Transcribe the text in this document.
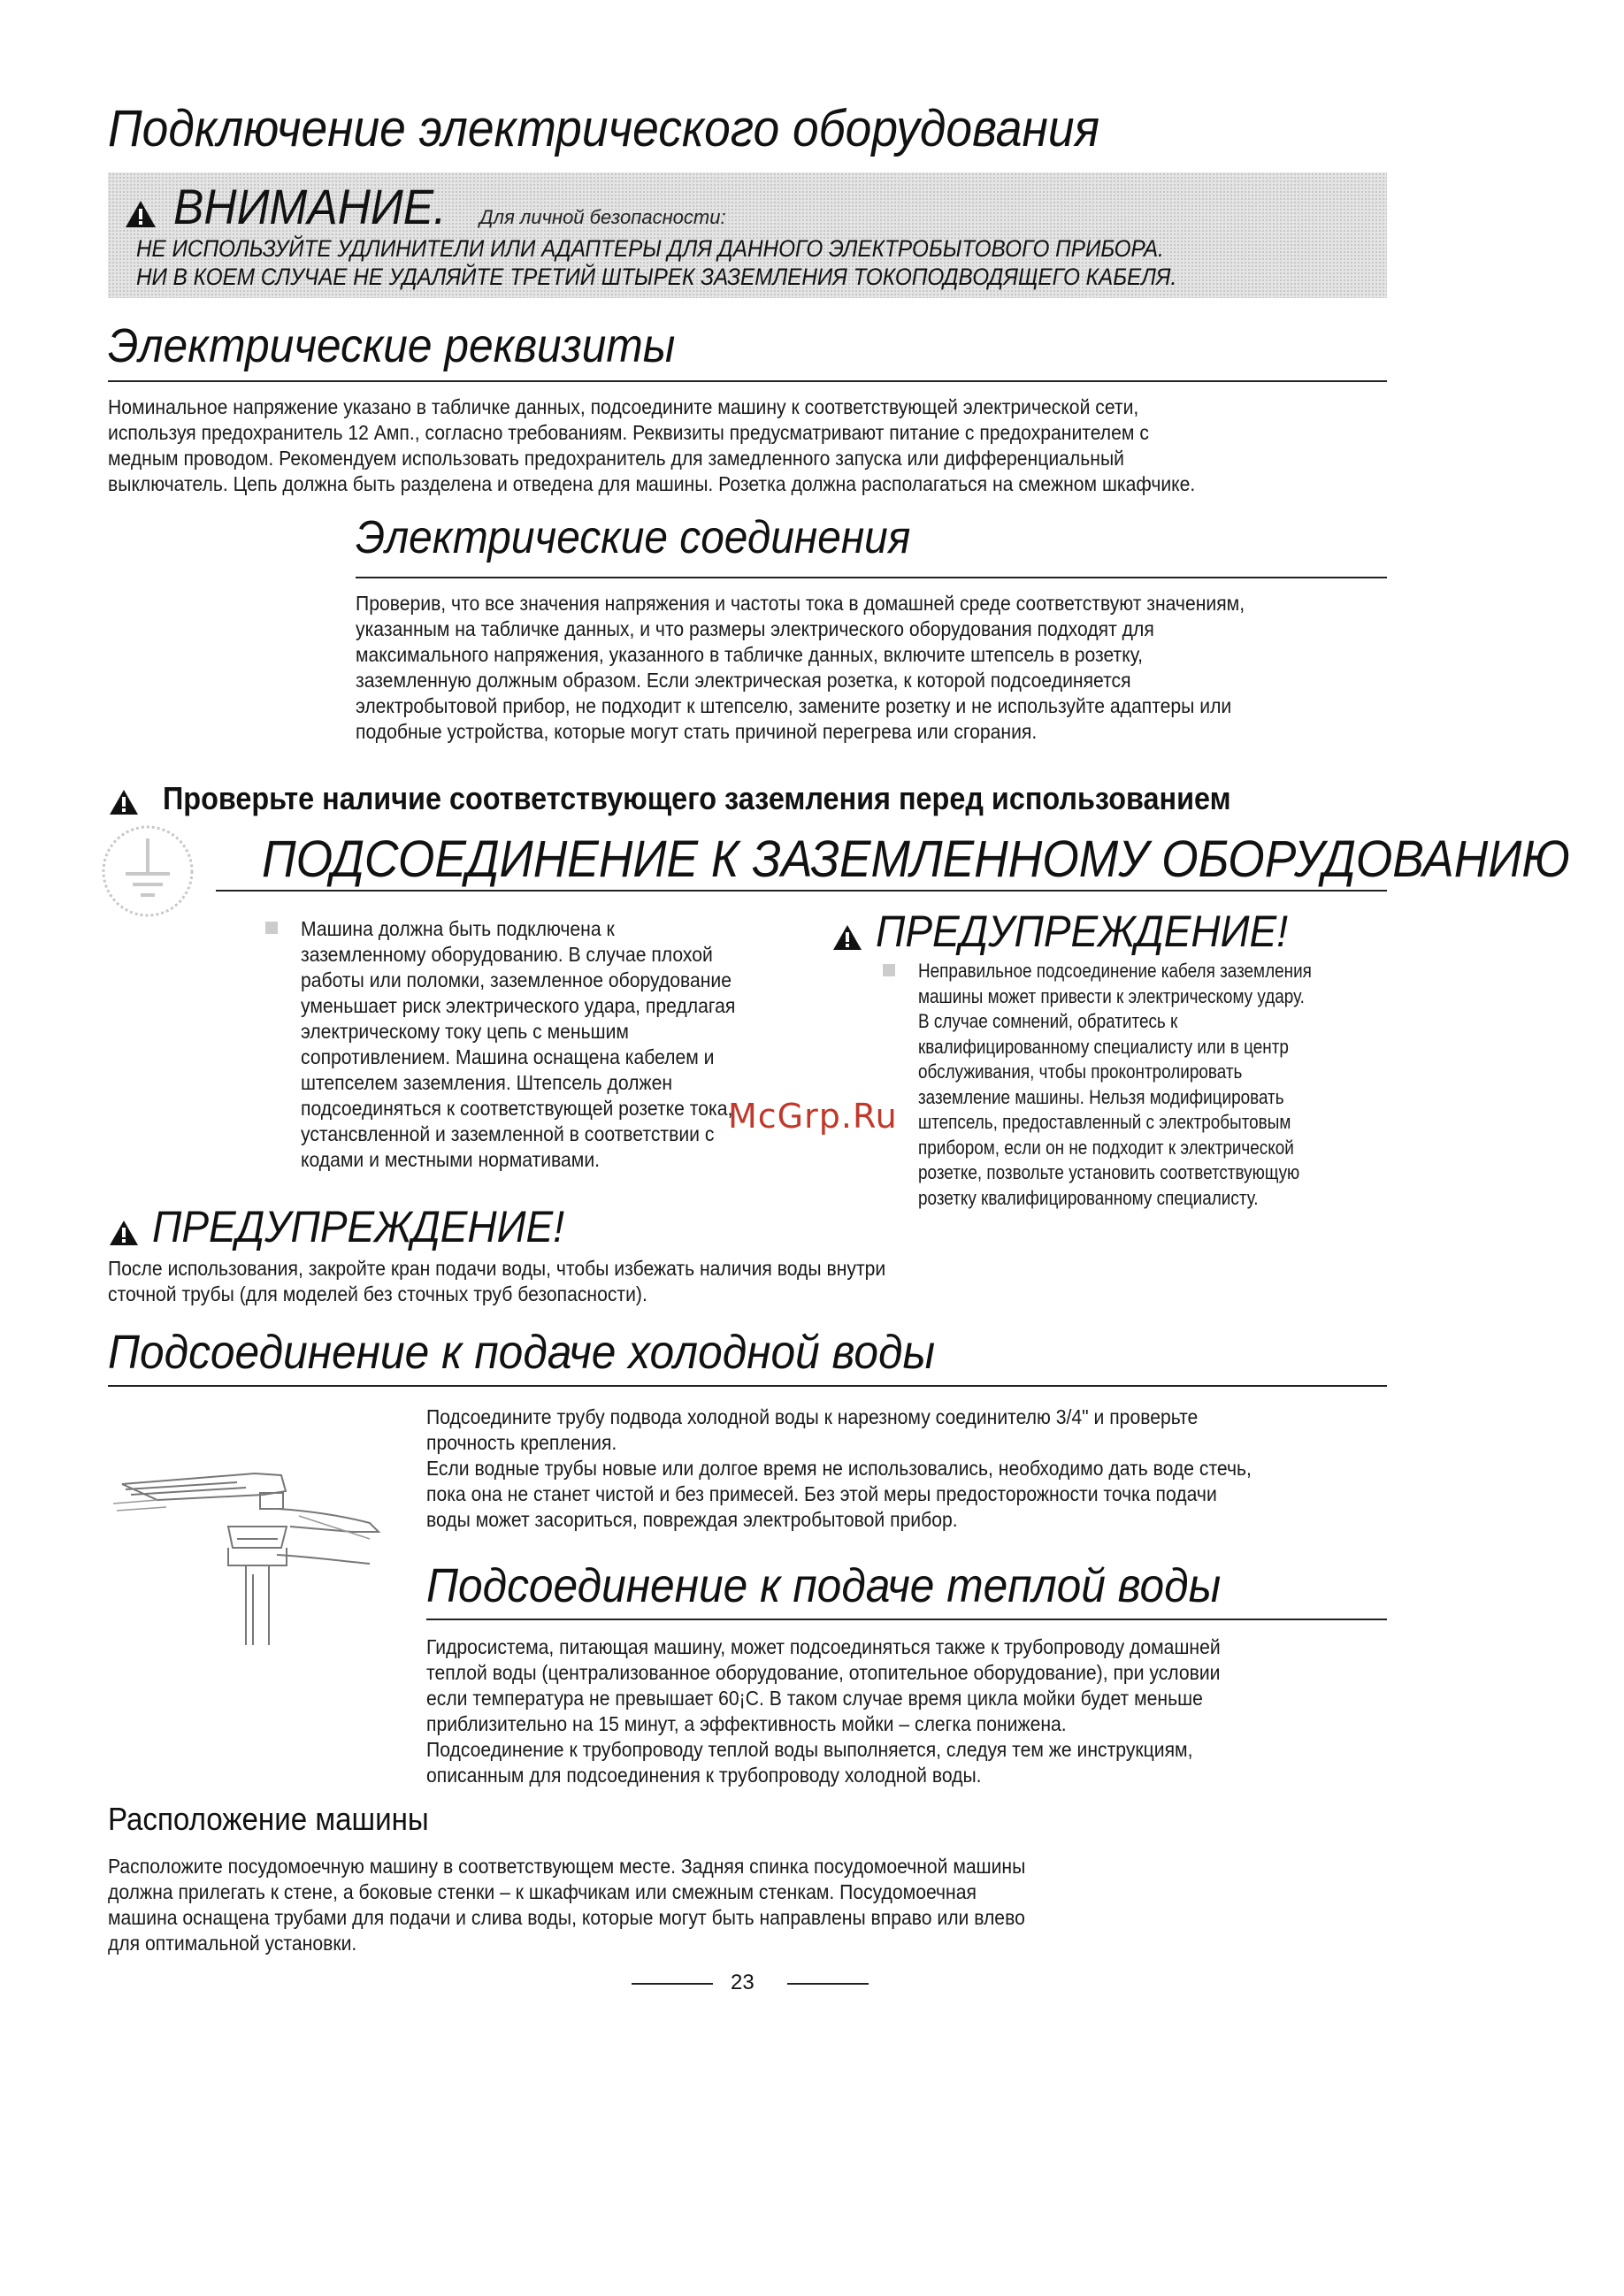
Подключение электрического оборудования
ВНИМАНИЕ. Для личной безопасности:
НЕ ИСПОЛЬЗУЙТЕ УДЛИНИТЕЛИ ИЛИ АДАПТЕРЫ ДЛЯ ДАННОГО ЭЛЕКТРОБЫТОВОГО ПРИБОРА.
НИ В КОЕМ СЛУЧАЕ НЕ УДАЛЯЙТЕ ТРЕТИЙ ШТЫРЕК ЗАЗЕМЛЕНИЯ ТОКОПОДВОДЯЩЕГО КАБЕЛЯ.
Электрические реквизиты
Номинальное напряжение указано в табличке данных, подсоедините машину к соответствующей электрической сети,
используя предохранитель 12 Амп., согласно требованиям. Реквизиты предусматривают питание с предохранителем с
медным проводом. Рекомендуем использовать предохранитель для замедленного запуска или дифференциальный
выключатель. Цепь должна быть разделена и отведена для машины. Розетка должна располагаться на смежном шкафчике.
Электрические соединения
Проверив, что все значения напряжения и частоты тока в домашней среде соответствуют значениям,
указанным на табличке данных, и что размеры электрического оборудования подходят для
максимального напряжения, указанного в табличке данных, включите штепсель в розетку,
заземленную должным образом. Если электрическая розетка, к которой подсоединяется
электробытовой прибор, не подходит к штепселю, замените розетку и не используйте адаптеры или
подобные устройства, которые могут стать причиной перегрева или сгорания.
Проверьте наличие соответствующего заземления перед использованием
ПОДСОЕДИНЕНИЕ К ЗАЗЕМЛЕННОМУ ОБОРУДОВАНИЮ
Машина должна быть подключена к
заземленному оборудованию. В случае плохой
работы или поломки, заземленное оборудование
уменьшает риск электрического удара, предлагая
электрическому току цепь с меньшим
сопротивлением. Машина оснащена кабелем и
штепселем заземления. Штепсель должен
подсоединяться к соответствующей розетке тока,
устансвленной и заземленной в соответствии с
кодами и местными нормативами.
ПРЕДУПРЕЖДЕНИЕ!
Неправильное подсоединение кабеля заземления
машины может привести к электрическому удару.
В случае сомнений, обратитесь к
квалифицированному специалисту или в центр
обслуживания, чтобы проконтролировать
заземление машины. Нельзя модифицировать
штепсель, предоставленный с электробытовым
прибором, если он не подходит к электрической
розетке, позвольте установить соответствующую
розетку квалифицированному специалисту.
McGrp.Ru
ПРЕДУПРЕЖДЕНИЕ!
После использования, закройте кран подачи воды, чтобы избежать наличия воды внутри
сточной трубы (для моделей без сточных труб безопасности).
Подсоединение к подаче холодной воды
Подсоедините трубу подвода холодной воды к нарезному соединителю 3/4" и проверьте
прочность крепления.
Если водные трубы новые или долгое время не использовались, необходимо дать воде стечь,
пока она не станет чистой и без примесей. Без этой меры предосторожности точка подачи
воды может засориться, повреждая электробытовой прибор.
Подсоединение к подаче теплой воды
Гидросистема, питающая машину, может подсоединяться также к трубопроводу домашней
теплой воды (централизованное оборудование, отопительное оборудование), при условии
если температура не превышает 60¡С. В таком случае время цикла мойки будет меньше
приблизительно на 15 минут, а эффективность мойки – слегка понижена.
Подсоединение к трубопроводу теплой воды выполняется, следуя тем же инструкциям,
описанным для подсоединения к трубопроводу холодной воды.
Расположение машины
Расположите посудомоечную машину в соответствующем месте. Задняя спинка посудомоечной машины
должна прилегать к стене, а боковые стенки – к шкафчикам или смежным стенкам. Посудомоечная
машина оснащена трубами для подачи и слива воды, которые могут быть направлены вправо или влево
для оптимальной установки.
23
